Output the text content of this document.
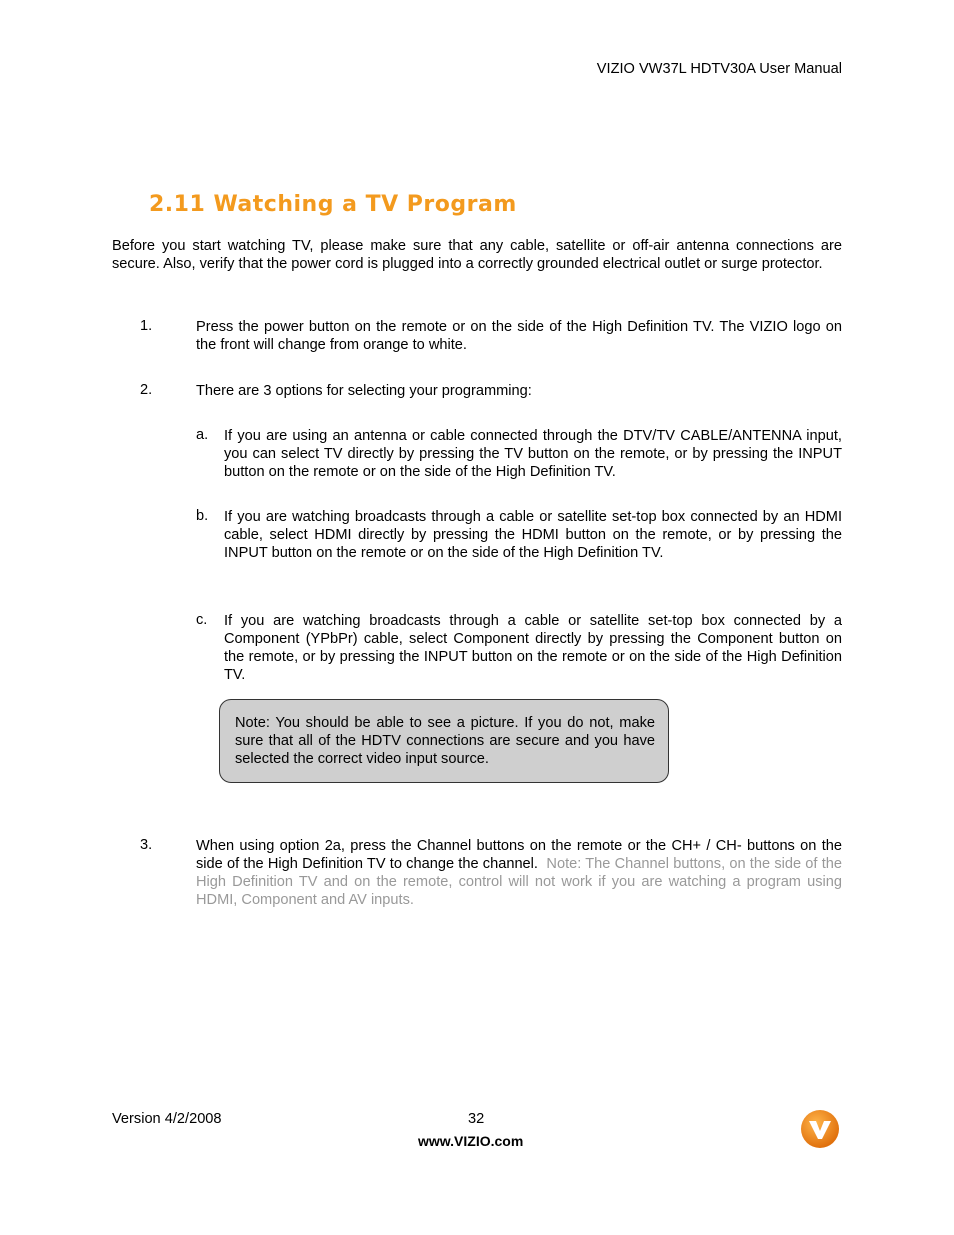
VIZIO VW37L HDTV30A User Manual
2.11 Watching a TV Program
Before you start watching TV, please make sure that any cable, satellite or off-air antenna connections are secure. Also, verify that the power cord is plugged into a correctly grounded electrical outlet or surge protector.
1.	Press the power button on the remote or on the side of the High Definition TV. The VIZIO logo on the front will change from orange to white.
2.	There are 3 options for selecting your programming:
a. If you are using an antenna or cable connected through the DTV/TV CABLE/ANTENNA input, you can select TV directly by pressing the TV button on the remote, or by pressing the INPUT button on the remote or on the side of the High Definition TV.
b. If you are watching broadcasts through a cable or satellite set-top box connected by an HDMI cable, select HDMI directly by pressing the HDMI button on the remote, or by pressing the INPUT button on the remote or on the side of the High Definition TV.
c. If you are watching broadcasts through a cable or satellite set-top box connected by a Component (YPbPr) cable, select Component directly by pressing the Component button on the remote, or by pressing the INPUT button on the remote or on the side of the High Definition TV.
Note: You should be able to see a picture. If you do not, make sure that all of the HDTV connections are secure and you have selected the correct video input source.
3.	When using option 2a, press the Channel buttons on the remote or the CH+ / CH- buttons on the side of the High Definition TV to change the channel. Note: The Channel buttons, on the side of the High Definition TV and on the remote, control will not work if you are watching a program using HDMI, Component and AV inputs.
Version 4/2/2008	32
www.VIZIO.com
